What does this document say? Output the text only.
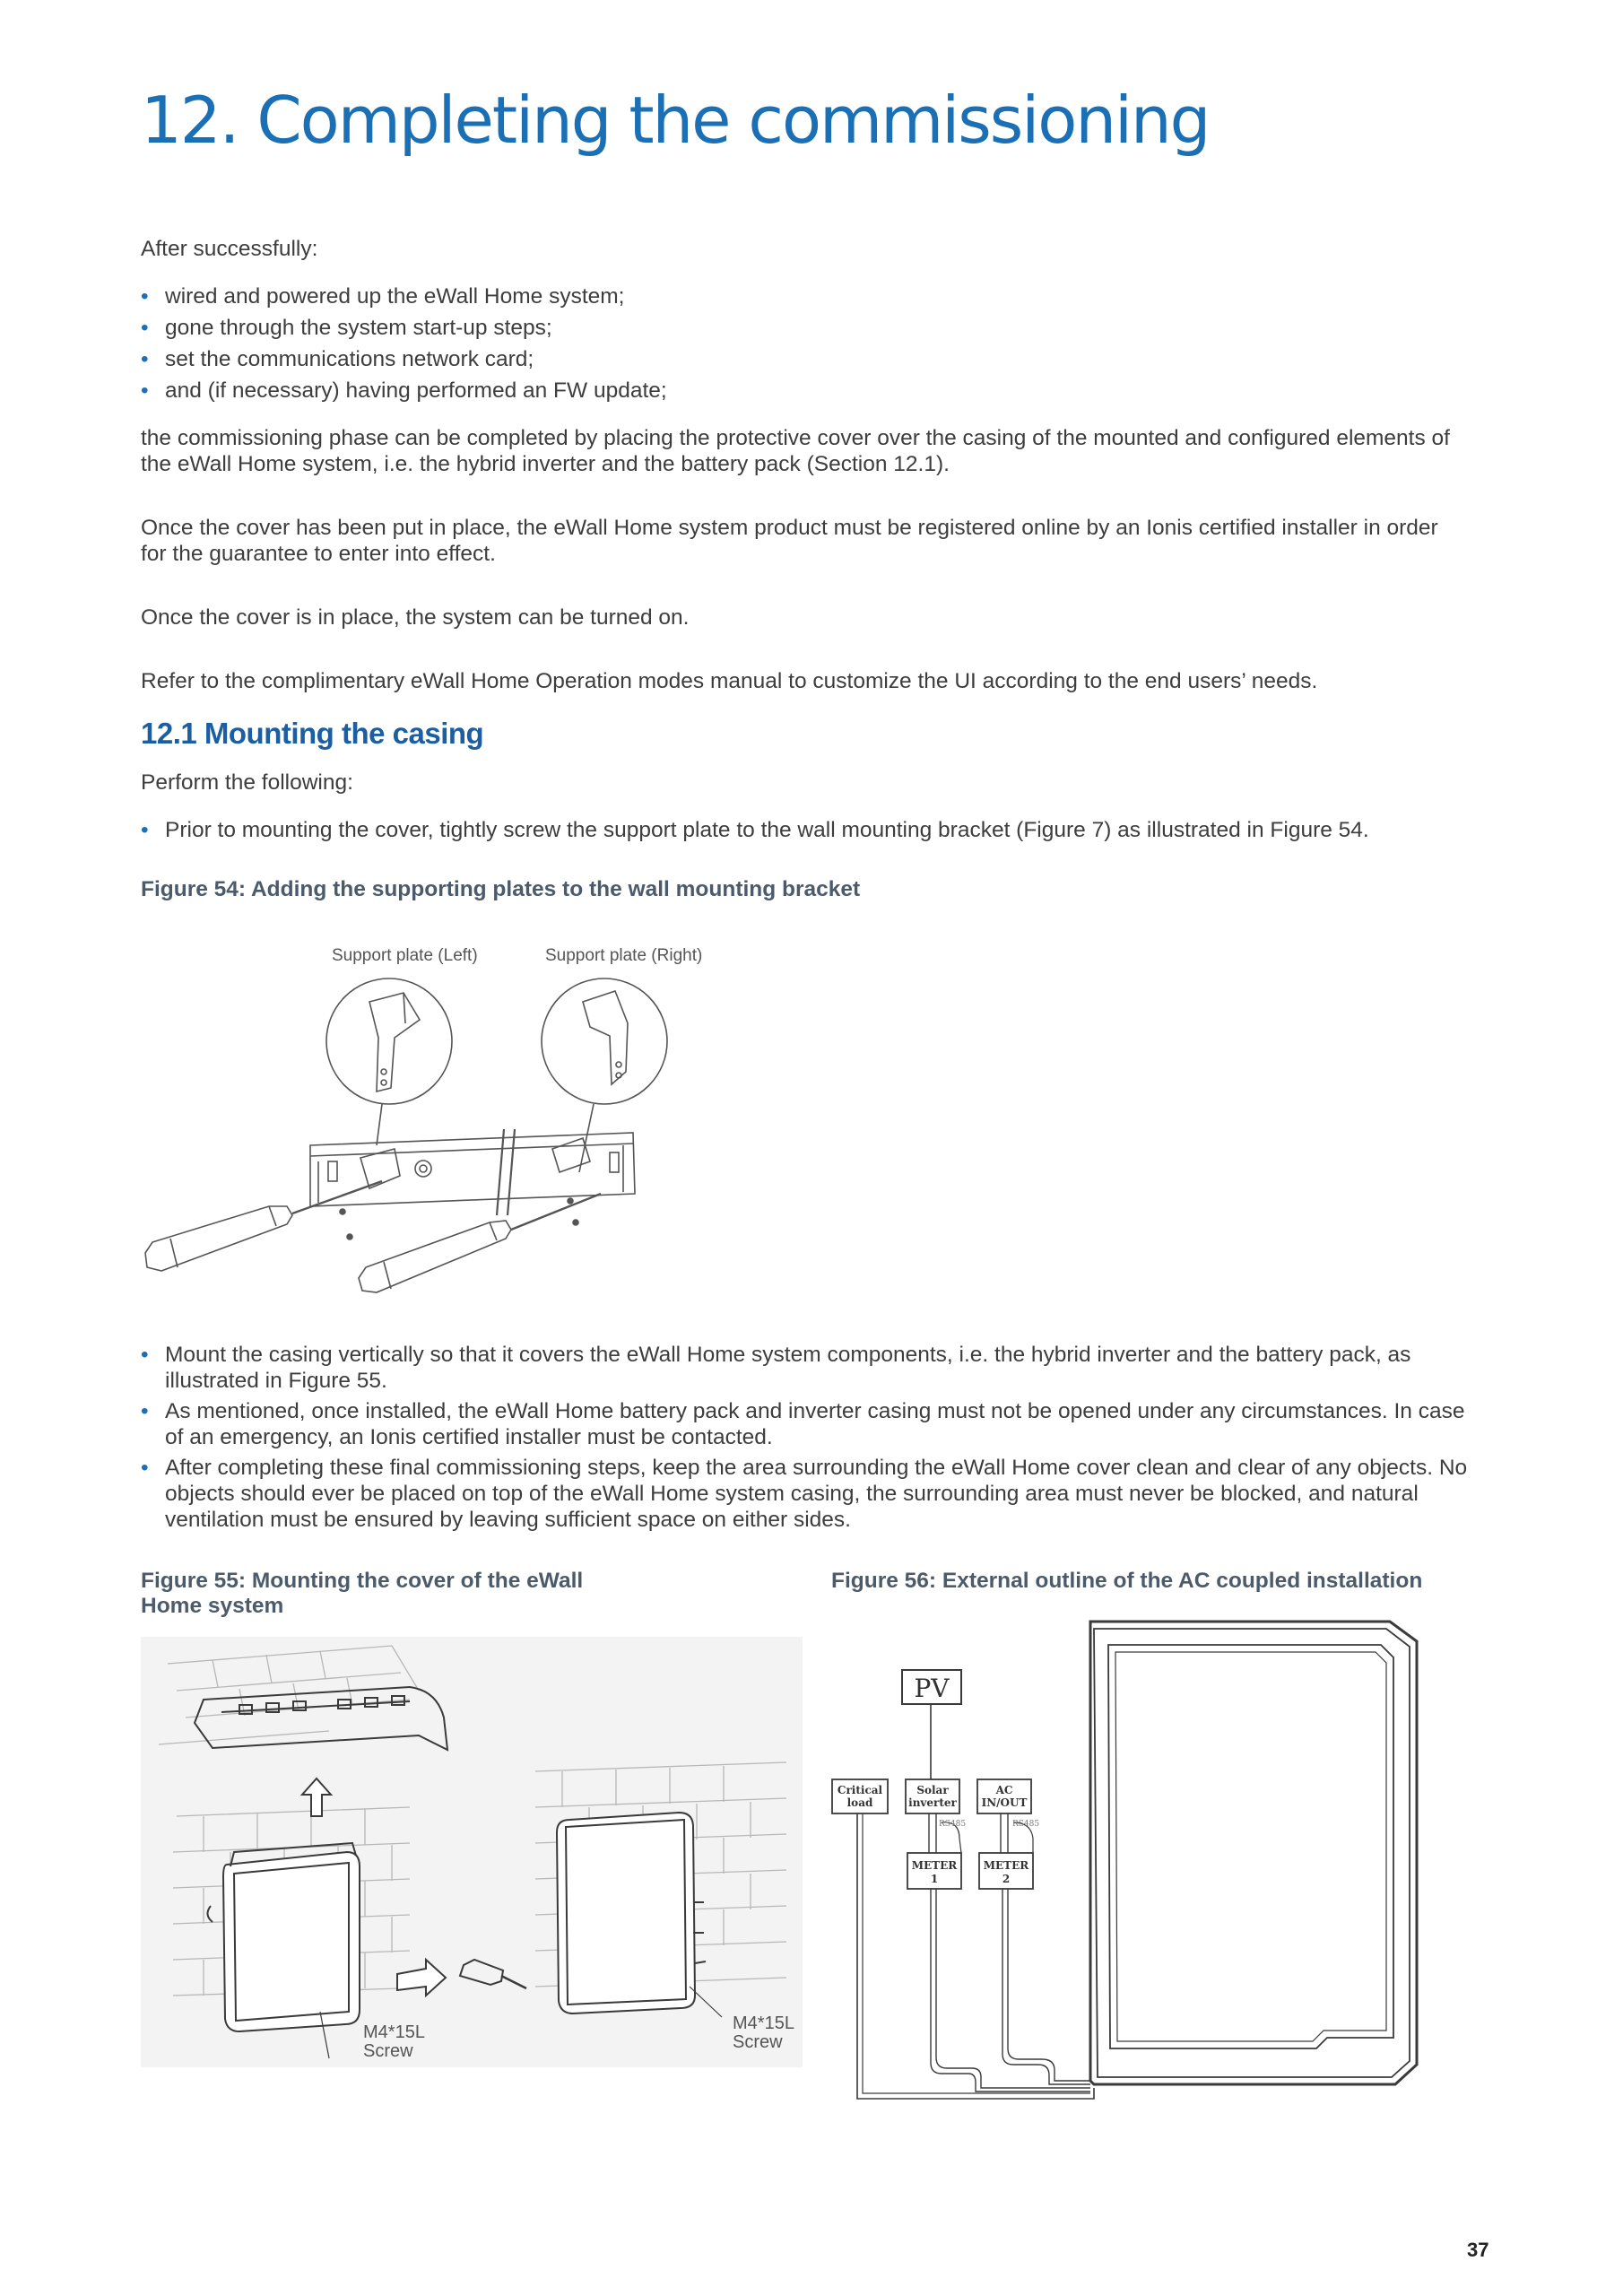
12. Completing the commissioning

After successfully:

• wired and powered up the eWall Home system;
• gone through the system start-up steps;
• set the communications network card;
• and (if necessary) having performed an FW update;

the commissioning phase can be completed by placing the protective cover over the casing of the mounted and configured elements of the eWall Home system, i.e. the hybrid inverter and the battery pack (Section 12.1).

Once the cover has been put in place, the eWall Home system product must be registered online by an Ionis certified installer in order for the guarantee to enter into effect.

Once the cover is in place, the system can be turned on.

Refer to the complimentary eWall Home Operation modes manual to customize the UI according to the end users’ needs.

12.1 Mounting the casing

Perform the following:

• Prior to mounting the cover, tightly screw the support plate to the wall mounting bracket (Figure 7) as illustrated in Figure 54.

Figure 54: Adding the supporting plates to the wall mounting bracket

Support plate (Left)	Support plate (Right)
• Mount the casing vertically so that it covers the eWall Home system components, i.e. the hybrid inverter and the battery pack, as illustrated in Figure 55.
• As mentioned, once installed, the eWall Home battery pack and inverter casing must not be opened under any circumstances. In case of an emergency, an Ionis certified installer must be contacted.
• After completing these final commissioning steps, keep the area surrounding the eWall Home cover clean and clear of any objects. No objects should ever be placed on top of the eWall Home system casing, the surrounding area must never be blocked, and natural ventilation must be ensured by leaving sufficient space on either sides.

Figure 55: Mounting the cover of the eWall Home system

Figure 56: External outline of the AC coupled installation

M4*15L
Screw
M4*15L
Screw
PV
Critical
load
Solar
inverter
AC
IN/OUT
RS485	RS485
METER
1
METER
2
37
